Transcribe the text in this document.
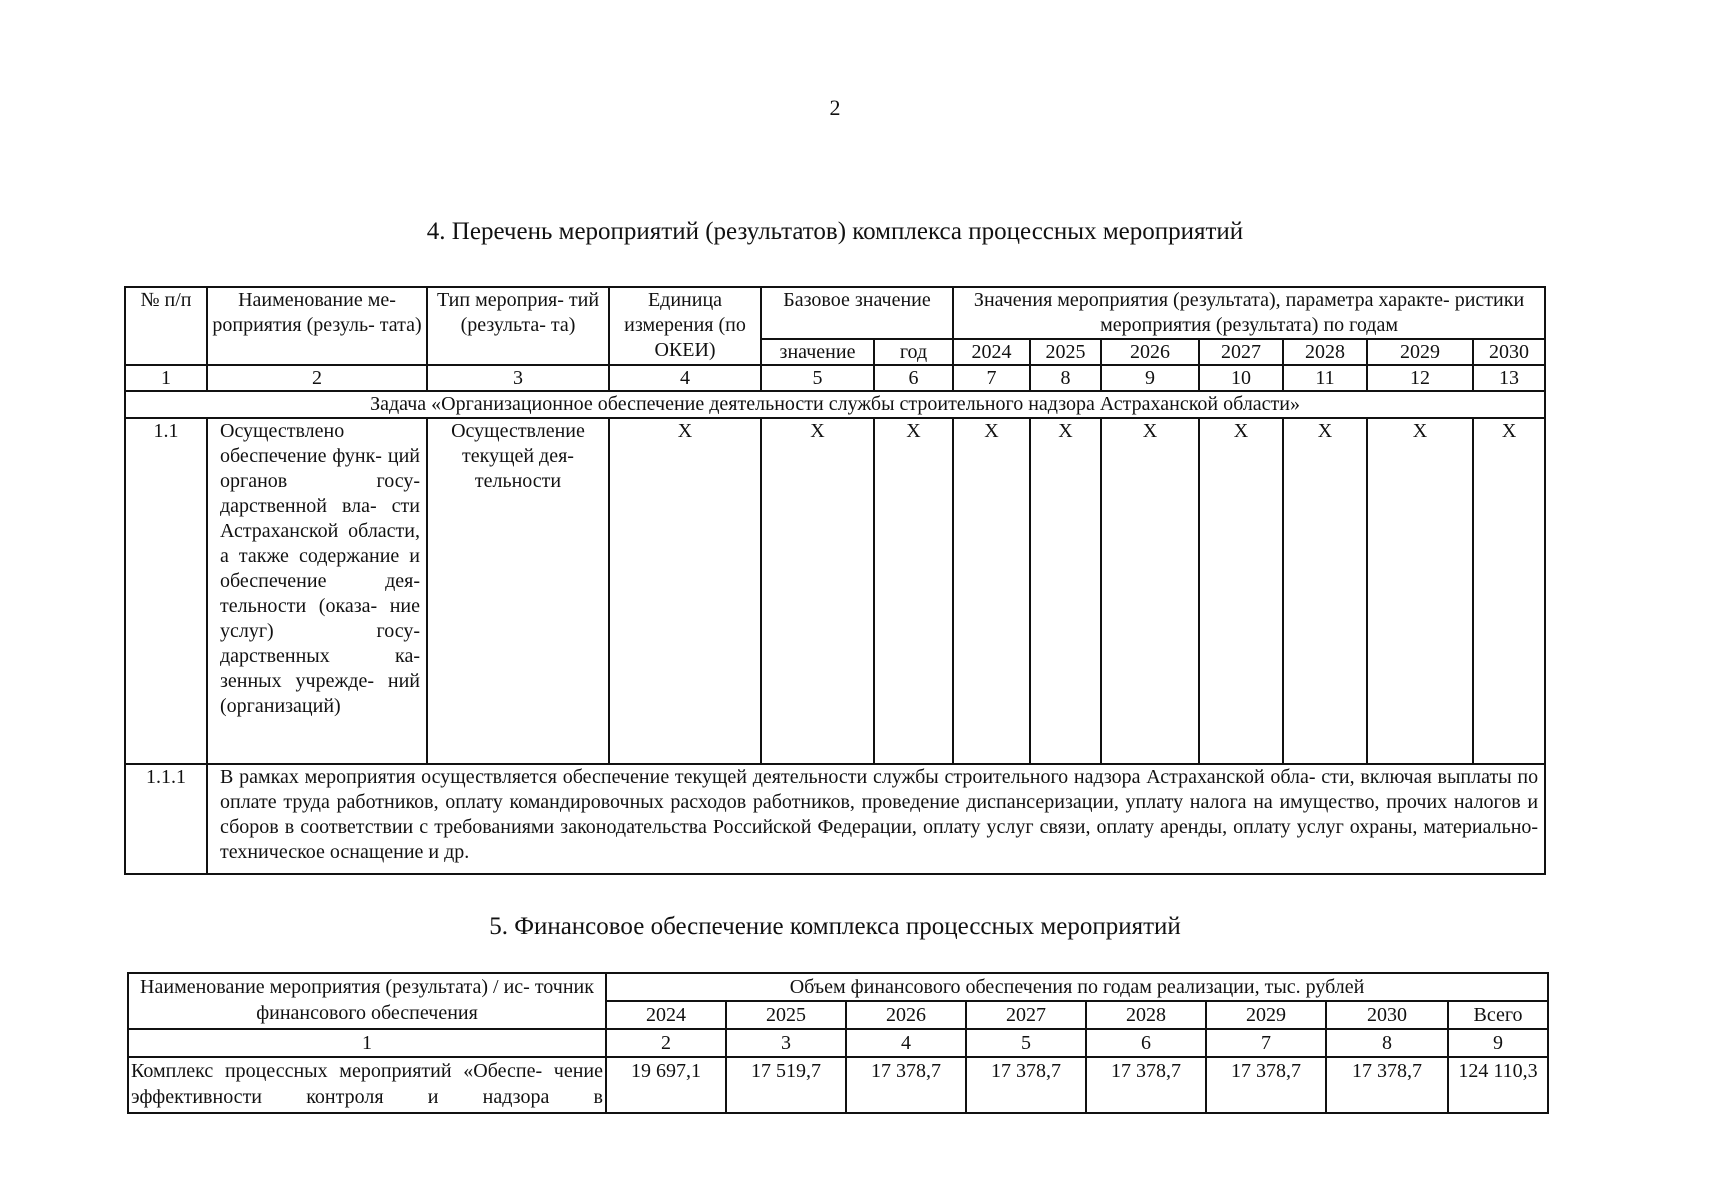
2
4. Перечень мероприятий (результатов) комплекса процессных мероприятий
№ п/п	Наименование ме- роприятия (резуль- тата)	Тип мероприя- тий (результа- та)	Единица измерения (по ОКЕИ)	Базовое значение		Значения мероприятия (результата), параметра характе- ристики мероприятия (результата) по годам						

				значение	год	2024	2025	2026	2027	2028	2029	2030
1	2	3	4	5	6	7	8	9	10	11	12	13
Задача «Организационное обеспечение деятельности службы строительного надзора Астраханской области»												
1.1	Осуществлено обеспечение функ- ций органов госу- дарственной вла- сти Астраханской области, а также содержание и обеспечение дея- тельности (оказа- ние услуг) госу- дарственных ка- зенных учрежде- ний (организаций)	Осуществление текущей дея- тельности	X	X	X	X	X	X	X	X	X	X
1.1.1	В рамках мероприятия осуществляется обеспечение текущей деятельности службы строительного надзора Астраханской обла- сти, включая выплаты по оплате труда работников, оплату командировочных расходов работников, проведение диспансеризации, уплату налога на имущество, прочих налогов и сборов в соответствии с требованиями законодательства Российской Федерации, оплату услуг связи, оплату аренды, оплату услуг охраны, материально-техническое оснащение и др.											
5. Финансовое обеспечение комплекса процессных мероприятий
Наименование мероприятия (результата) / ис- точник финансового обеспечения	Объем финансового обеспечения по годам реализации, тыс. рублей							
	2024	2025	2026	2027	2028	2029	2030	Всего
1	2	3	4	5	6	7	8	9
Комплекс процессных мероприятий «Обеспе- чение эффективности контроля и надзора в	19 697,1	17 519,7	17 378,7	17 378,7	17 378,7	17 378,7	17 378,7	124 110,3
